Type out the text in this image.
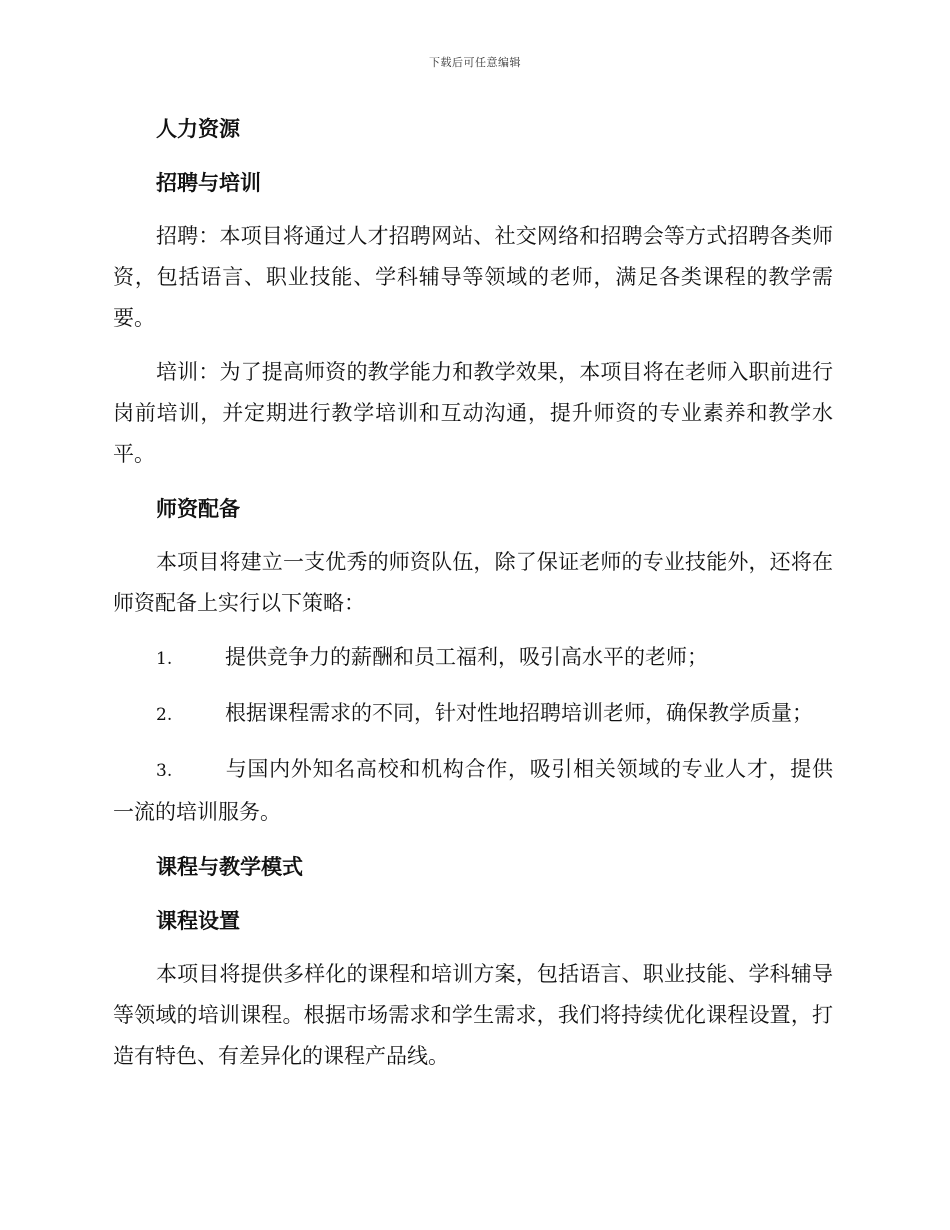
下载后可任意编辑
人力资源
招聘与培训
招聘：本项目将通过人才招聘网站、社交网络和招聘会等方式招聘各类师资，包括语言、职业技能、学科辅导等领域的老师，满足各类课程的教学需要。
培训：为了提高师资的教学能力和教学效果，本项目将在老师入职前进行岗前培训，并定期进行教学培训和互动沟通，提升师资的专业素养和教学水平。
师资配备
本项目将建立一支优秀的师资队伍，除了保证老师的专业技能外，还将在师资配备上实行以下策略：
1.	提供竞争力的薪酬和员工福利，吸引高水平的老师；
2.	根据课程需求的不同，针对性地招聘培训老师，确保教学质量；
3.	与国内外知名高校和机构合作，吸引相关领域的专业人才，提供一流的培训服务。
课程与教学模式
课程设置
本项目将提供多样化的课程和培训方案，包括语言、职业技能、学科辅导等领域的培训课程。根据市场需求和学生需求，我们将持续优化课程设置，打造有特色、有差异化的课程产品线。
